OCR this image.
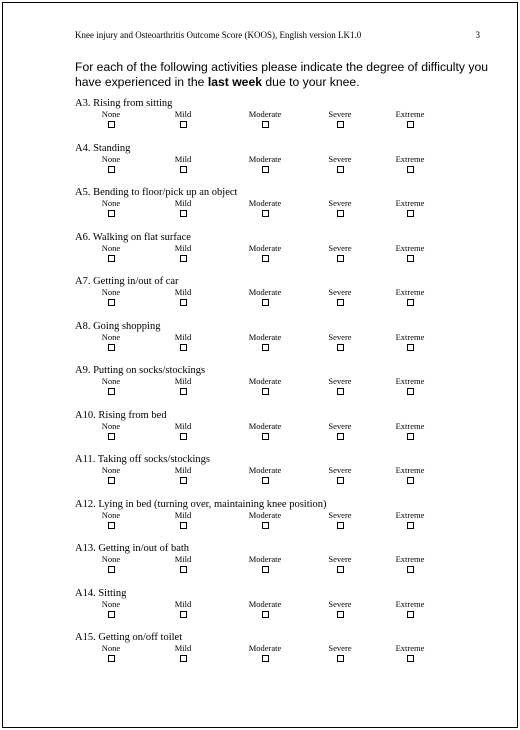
Knee injury and Osteoarthritis Outcome Score (KOOS), English version LK1.0	3

For each of the following activities please indicate the degree of difficulty you have experienced in the last week due to your knee.

A3. Rising from sitting
None	Mild	Moderate	Severe	Extreme
A4. Standing
None	Mild	Moderate	Severe	Extreme
A5. Bending to floor/pick up an object
None	Mild	Moderate	Severe	Extreme
A6. Walking on flat surface
None	Mild	Moderate	Severe	Extreme
A7. Getting in/out of car
None	Mild	Moderate	Severe	Extreme
A8. Going shopping
None	Mild	Moderate	Severe	Extreme
A9. Putting on socks/stockings
None	Mild	Moderate	Severe	Extreme
A10. Rising from bed
None	Mild	Moderate	Severe	Extreme
A11. Taking off socks/stockings
None	Mild	Moderate	Severe	Extreme
A12. Lying in bed (turning over, maintaining knee position)
None	Mild	Moderate	Severe	Extreme
A13. Getting in/out of bath
None	Mild	Moderate	Severe	Extreme
A14. Sitting
None	Mild	Moderate	Severe	Extreme
A15. Getting on/off toilet
None	Mild	Moderate	Severe	Extreme
